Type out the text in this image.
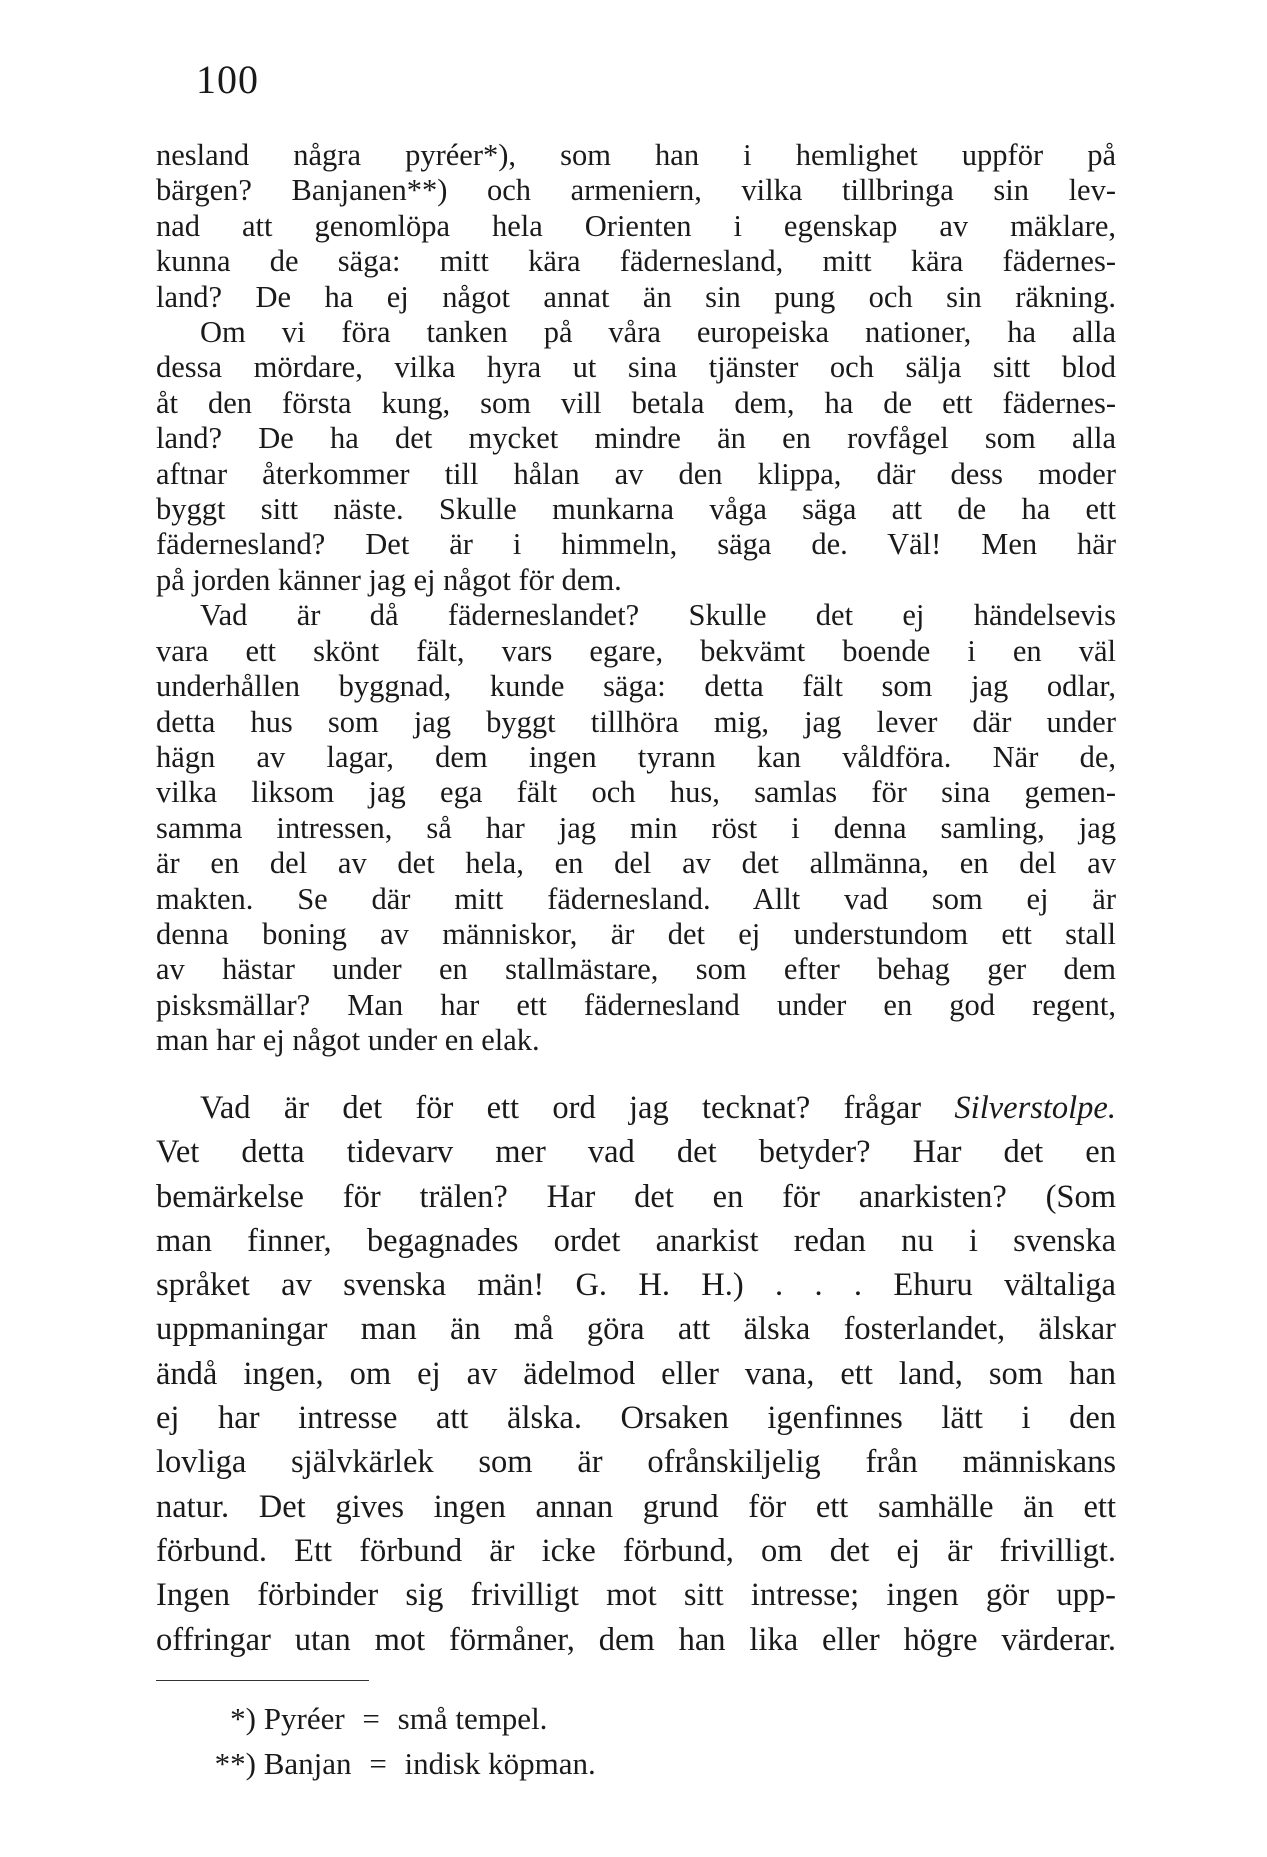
100
nesland några pyréer*), som han i hemlighet uppför på
bärgen? Banjanen**) och armeniern, vilka tillbringa sin lev-
nad att genomlöpa hela Orienten i egenskap av mäklare,
kunna de säga: mitt kära fädernesland, mitt kära fädernes-
land? De ha ej något annat än sin pung och sin räkning.
Om vi föra tanken på våra europeiska nationer, ha alla
dessa mördare, vilka hyra ut sina tjänster och sälja sitt blod
åt den första kung, som vill betala dem, ha de ett fädernes-
land? De ha det mycket mindre än en rovfågel som alla
aftnar återkommer till hålan av den klippa, där dess moder
byggt sitt näste. Skulle munkarna våga säga att de ha ett
fädernesland? Det är i himmeln, säga de. Väl! Men här
på jorden känner jag ej något för dem.
Vad är då fäderneslandet? Skulle det ej händelsevis
vara ett skönt fält, vars egare, bekvämt boende i en väl
underhållen byggnad, kunde säga: detta fält som jag odlar,
detta hus som jag byggt tillhöra mig, jag lever där under
hägn av lagar, dem ingen tyrann kan våldföra. När de,
vilka liksom jag ega fält och hus, samlas för sina gemen-
samma intressen, så har jag min röst i denna samling, jag
är en del av det hela, en del av det allmänna, en del av
makten. Se där mitt fädernesland. Allt vad som ej är
denna boning av människor, är det ej understundom ett stall
av hästar under en stallmästare, som efter behag ger dem
pisksmällar? Man har ett fädernesland under en god regent,
man har ej något under en elak.
Vad är det för ett ord jag tecknat? frågar Silverstolpe.
Vet detta tidevarv mer vad det betyder? Har det en
bemärkelse för trälen? Har det en för anarkisten? (Som
man finner, begagnades ordet anarkist redan nu i svenska
språket av svenska män! G. H. H.) . . . Ehuru vältaliga
uppmaningar man än må göra att älska fosterlandet, älskar
ändå ingen, om ej av ädelmod eller vana, ett land, som han
ej har intresse att älska. Orsaken igenfinnes lätt i den
lovliga självkärlek som är ofrånskiljelig från människans
natur. Det gives ingen annan grund för ett samhälle än ett
förbund. Ett förbund är icke förbund, om det ej är frivilligt.
Ingen förbinder sig frivilligt mot sitt intresse; ingen gör upp-
offringar utan mot förmåner, dem han lika eller högre värderar.
*) Pyréer = små tempel.
**) Banjan = indisk köpman.
